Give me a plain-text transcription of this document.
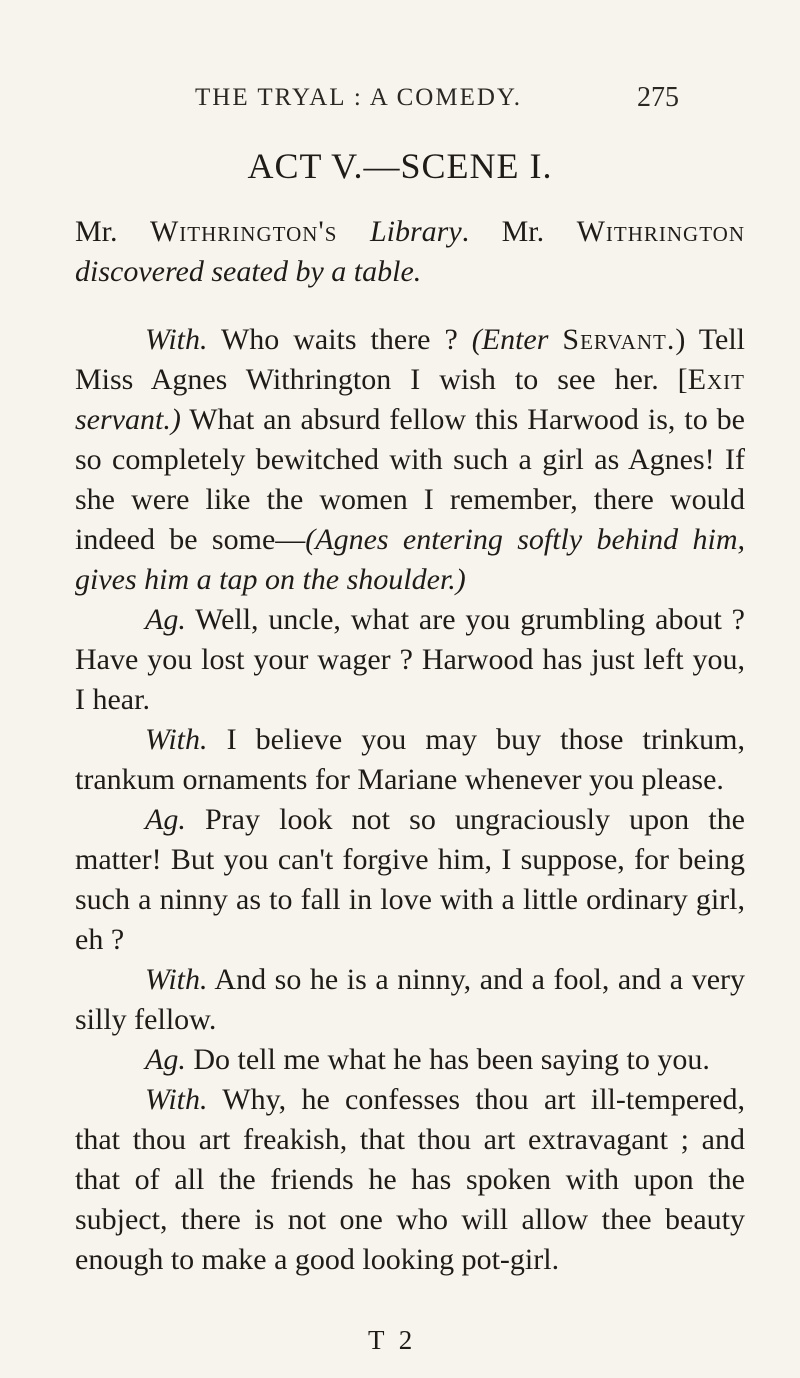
THE TRYAL : A COMEDY.	275
ACT V.—SCENE I.

Mr. Withrington's Library. Mr. Withrington discovered seated by a table.

With. Who waits there ? (Enter Servant.) Tell Miss Agnes Withrington I wish to see her. [Exit servant.) What an absurd fellow this Harwood is, to be so completely bewitched with such a girl as Agnes! If she were like the women I remember, there would indeed be some—(Agnes entering softly behind him, gives him a tap on the shoulder.)

Ag. Well, uncle, what are you grumbling about ? Have you lost your wager ? Harwood has just left you, I hear.

With. I believe you may buy those trinkum, trankum ornaments for Mariane whenever you please.

Ag. Pray look not so ungraciously upon the matter! But you can't forgive him, I suppose, for being such a ninny as to fall in love with a little ordinary girl, eh ?

With. And so he is a ninny, and a fool, and a very silly fellow.

Ag. Do tell me what he has been saying to you.

With. Why, he confesses thou art ill-tempered, that thou art freakish, that thou art extravagant ; and that of all the friends he has spoken with upon the subject, there is not one who will allow thee beauty enough to make a good looking pot-girl.

T 2
